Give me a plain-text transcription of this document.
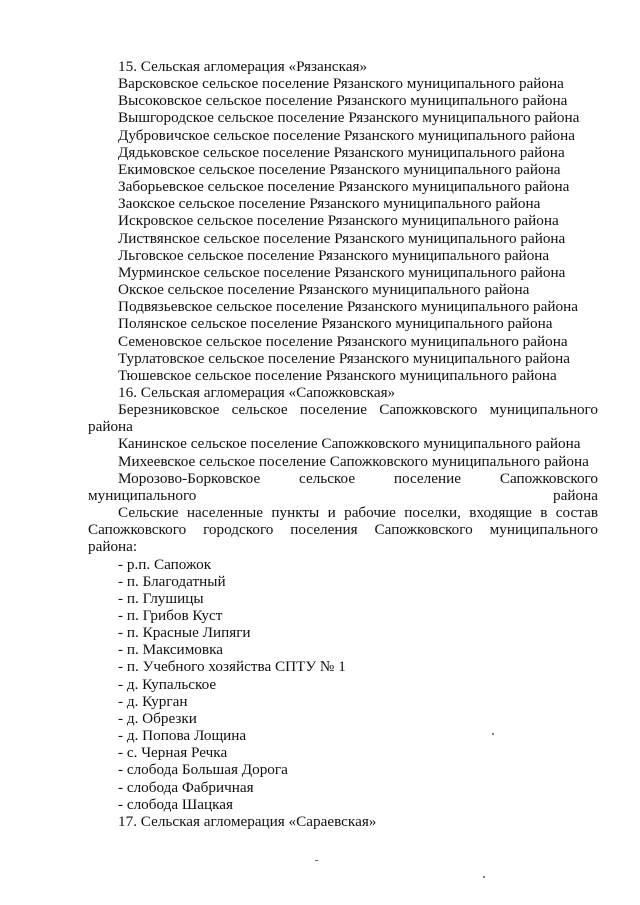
15. Сельская агломерация «Рязанская»
Варсковское сельское поселение Рязанского муниципального района
Высоковское сельское поселение Рязанского муниципального района
Вышгородское сельское поселение Рязанского муниципального района
Дубровичское сельское поселение Рязанского муниципального района
Дядьковское сельское поселение Рязанского муниципального района
Екимовское сельское поселение Рязанского муниципального района
Заборьевское сельское поселение Рязанского муниципального района
Заокское сельское поселение Рязанского муниципального района
Искровское сельское поселение Рязанского муниципального района
Листвянское сельское поселение Рязанского муниципального района
Льговское сельское поселение Рязанского муниципального района
Мурминское сельское поселение Рязанского муниципального района
Окское сельское поселение Рязанского муниципального района
Подвязьевское сельское поселение Рязанского муниципального района
Полянское сельское поселение Рязанского муниципального района
Семеновское сельское поселение Рязанского муниципального района
Турлатовское сельское поселение Рязанского муниципального района
Тюшевское сельское поселение Рязанского муниципального района
16. Сельская агломерация «Сапожковская»
Березниковское сельское поселение Сапожковского муниципального района
Канинское сельское поселение Сапожковского муниципального района
Михеевское сельское поселение Сапожковского муниципального района
Морозово-Борковское сельское поселение Сапожковского муниципального района
Сельские населенные пункты и рабочие поселки, входящие в состав Сапожковского городского поселения Сапожковского муниципального района:
- р.п. Сапожок
- п. Благодатный
- п. Глушицы
- п. Грибов Куст
- п. Красные Липяги
- п. Максимовка
- п. Учебного хозяйства СПТУ № 1
- д. Купальское
- д. Курган
- д. Обрезки
- д. Попова Лощина
- с. Черная Речка
- слобода Большая Дорога
- слобода Фабричная
- слобода Шацкая
17. Сельская агломерация «Сараевская»
